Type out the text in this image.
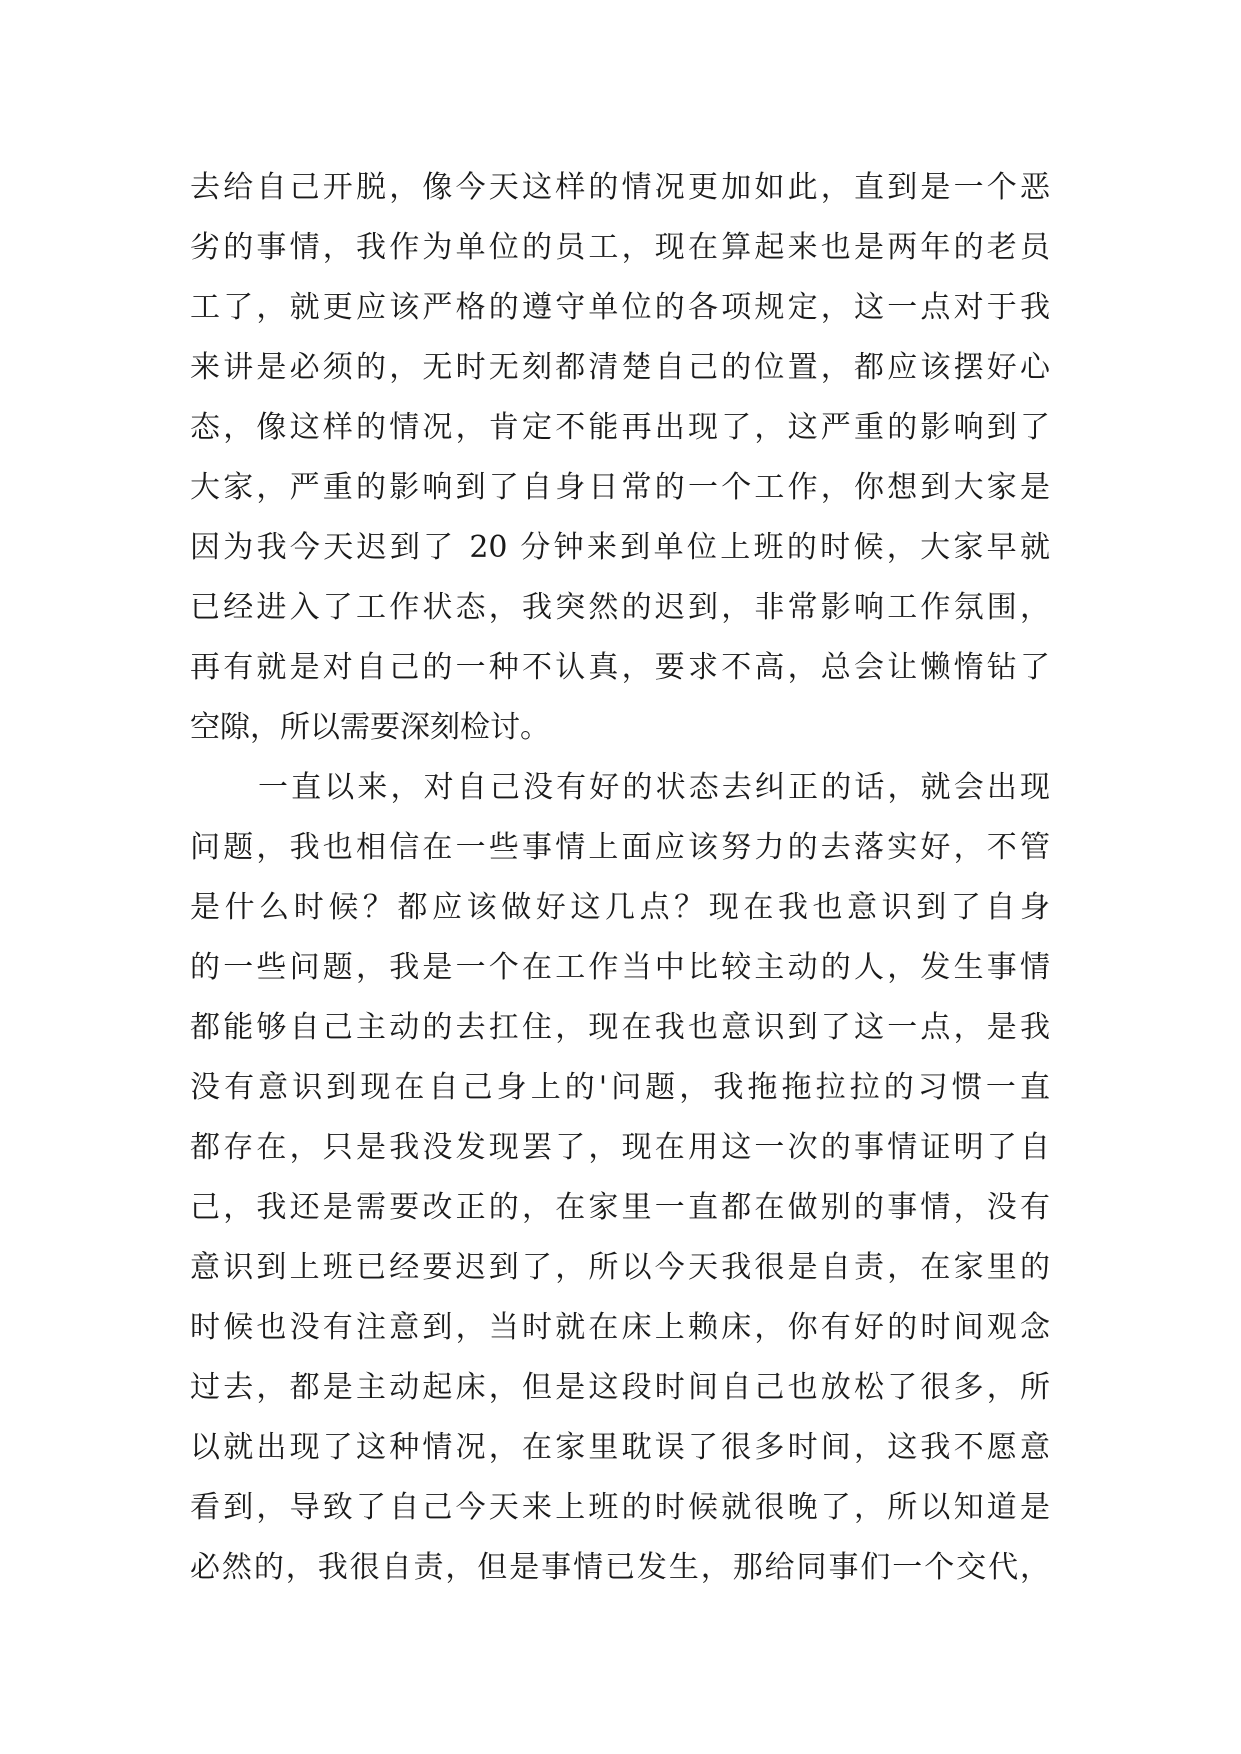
去给自己开脱，像今天这样的情况更加如此，直到是一个恶
劣的事情，我作为单位的员工，现在算起来也是两年的老员
工了，就更应该严格的遵守单位的各项规定，这一点对于我
来讲是必须的，无时无刻都清楚自己的位置，都应该摆好心
态，像这样的情况，肯定不能再出现了，这严重的影响到了
大家，严重的影响到了自身日常的一个工作，你想到大家是
因为我今天迟到了 20 分钟来到单位上班的时候，大家早就
已经进入了工作状态，我突然的迟到，非常影响工作氛围，
再有就是对自己的一种不认真，要求不高，总会让懒惰钻了
空隙，所以需要深刻检讨。
一直以来，对自己没有好的状态去纠正的话，就会出现
问题，我也相信在一些事情上面应该努力的去落实好，不管
是什么时候？都应该做好这几点？现在我也意识到了自身
的一些问题，我是一个在工作当中比较主动的人，发生事情
都能够自己主动的去扛住，现在我也意识到了这一点，是我
没有意识到现在自己身上的'问题，我拖拖拉拉的习惯一直
都存在，只是我没发现罢了，现在用这一次的事情证明了自
己，我还是需要改正的，在家里一直都在做别的事情，没有
意识到上班已经要迟到了，所以今天我很是自责，在家里的
时候也没有注意到，当时就在床上赖床，你有好的时间观念
过去，都是主动起床，但是这段时间自己也放松了很多，所
以就出现了这种情况，在家里耽误了很多时间，这我不愿意
看到，导致了自己今天来上班的时候就很晚了，所以知道是
必然的，我很自责，但是事情已发生，那给同事们一个交代，
